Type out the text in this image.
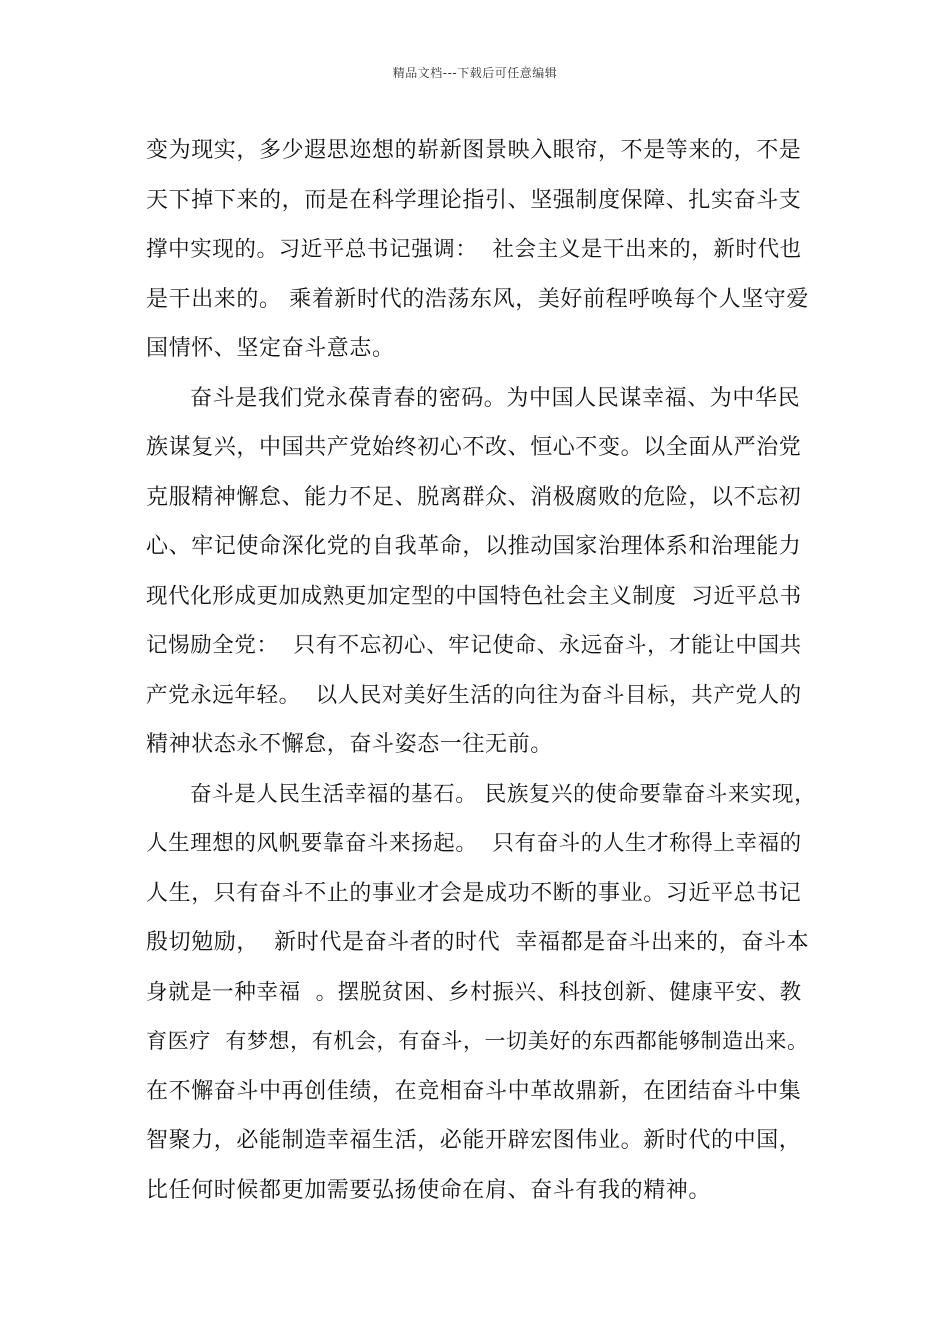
精品文档---下载后可任意编辑
变为现实，多少遐思迩想的崭新图景映入眼帘，不是等来的，不是
天下掉下来的，而是在科学理论指引、坚强制度保障、扎实奋斗支
撑中实现的。习近平总书记强调：  社会主义是干出来的，新时代也
是干出来的。 乘着新时代的浩荡东风，美好前程呼唤每个人坚守爱
国情怀、坚定奋斗意志。
奋斗是我们党永葆青春的密码。为中国人民谋幸福、为中华民
族谋复兴，中国共产党始终初心不改、恒心不变。以全面从严治党
克服精神懈怠、能力不足、脱离群众、消极腐败的危险，以不忘初
心、牢记使命深化党的自我革命，以推动国家治理体系和治理能力
现代化形成更加成熟更加定型的中国特色社会主义制度  习近平总书
记惕励全党：  只有不忘初心、牢记使命、永远奋斗，才能让中国共
产党永远年轻。  以人民对美好生活的向往为奋斗目标，共产党人的
精神状态永不懈怠，奋斗姿态一往无前。
奋斗是人民生活幸福的基石。 民族复兴的使命要靠奋斗来实现，
人生理想的风帆要靠奋斗来扬起。  只有奋斗的人生才称得上幸福的
人生，只有奋斗不止的事业才会是成功不断的事业。习近平总书记
殷切勉励，  新时代是奋斗者的时代  幸福都是奋斗出来的，奋斗本
身就是一种幸福  。摆脱贫困、乡村振兴、科技创新、健康平安、教
育医疗  有梦想，有机会，有奋斗，一切美好的东西都能够制造出来。
在不懈奋斗中再创佳绩，在竞相奋斗中革故鼎新，在团结奋斗中集
智聚力，必能制造幸福生活，必能开辟宏图伟业。新时代的中国，
比任何时候都更加需要弘扬使命在肩、奋斗有我的精神。
